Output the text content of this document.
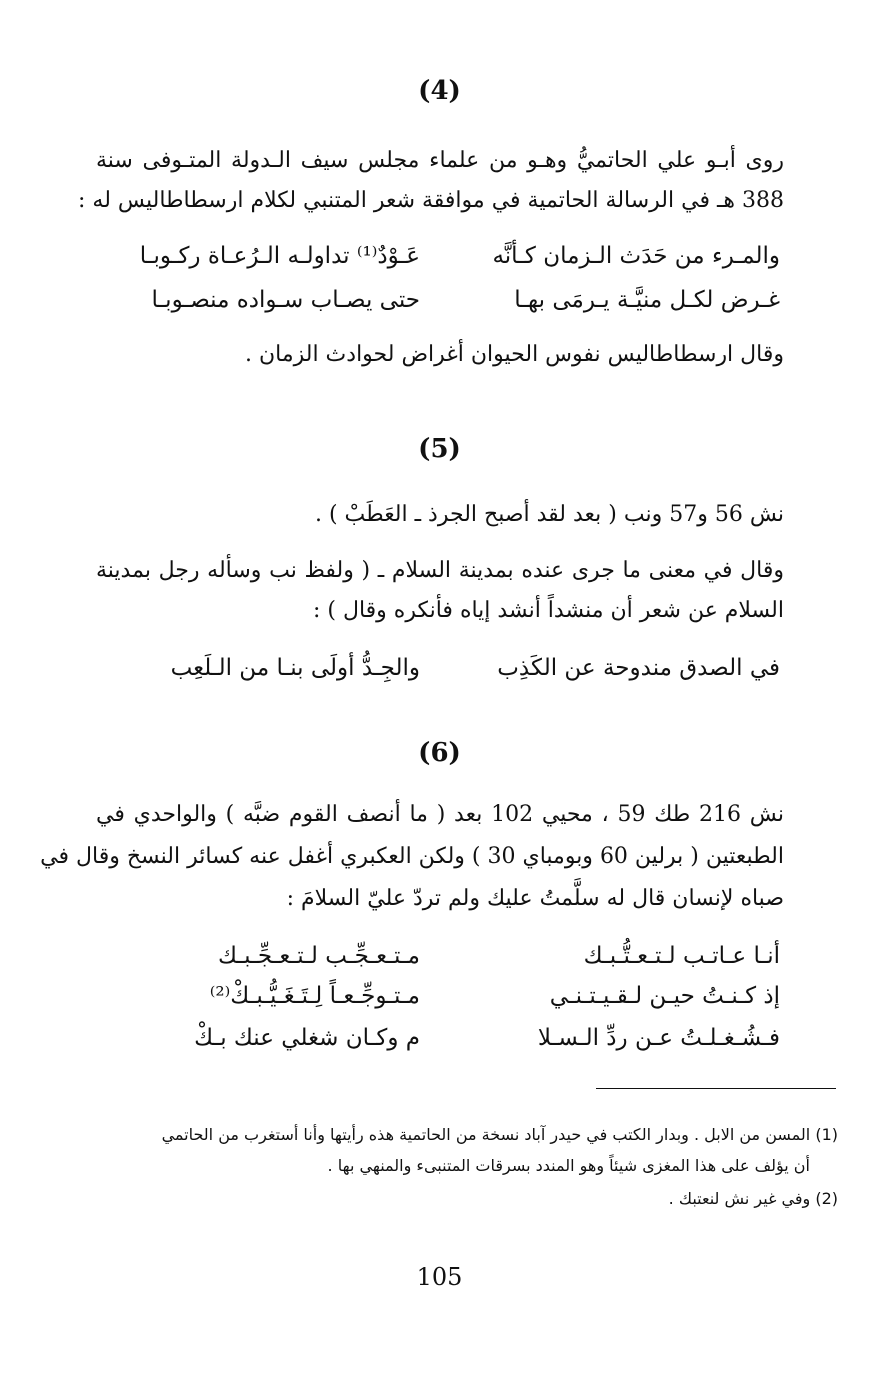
(4)
روى أبـو علي الحاتميُّ وهـو من علماء مجلس سيف الـدولة المتـوفى سنة
388 هـ في الرسالة الحاتمية في موافقة شعر المتنبي لكلام ارسطاطاليس له :
والمـرء من حَدَث الـزمان كـأنَّه
عَـوْدٌ⁽¹⁾ تداولـه الـرُعـاة ركـوبـا
غـرض لكـل منيَّـة يـرمَى بهـا
حتى يصـاب سـواده منصـوبـا
وقال ارسطاطاليس نفوس الحيوان أغراض لحوادث الزمان .
(5)
نش 56 و57 ونب ( بعد لقد أصبح الجرذ ـ العَطَبْ ) .
وقال في معنى ما جرى عنده بمدينة السلام ـ ( ولفظ نب وسأله رجل بمدينة
السلام عن شعر أن منشداً أنشد إياه فأنكره وقال ) :
في الصدق مندوحة عن الكَذِب
والجِـدُّ أولَى بنـا من الـلَعِب
(6)
نش 216 طك 59 ، محيي 102 بعد ( ما أنصف القوم ضبَّه ) والواحدي في
الطبعتين ( برلين 60 وبومباي 30 ) ولكن العكبري أغفل عنه كسائر النسخ وقال في
صباه لإنسان قال له سلَّمتُ عليك ولم تردّ عليّ السلامَ :
أنـا عـاتـب لـتـعـتُّـبـك
مـتـعـجِّـب لـتـعـجِّـبـك
إذ كـنـتُ حيـن لـقـيـتـنـي
مـتـوجِّـعـاً لِـتَـغَـيُّـبـكْ⁽²⁾
فـشُـغـلـتُ عـن ردِّ الـسـلا
م وكـان شغلي عنك بـكْ
(1) المسن من الابل . وبدار الكتب في حيدر آباد نسخة من الحاتمية هذه رأيتها وأنا أستغرب من الحاتمي
أن يؤلف على هذا المغزى شيئاً وهو المندد بسرقات المتنبىء والمنهي بها .
(2) وفي غير نش لنعتبك .
105
